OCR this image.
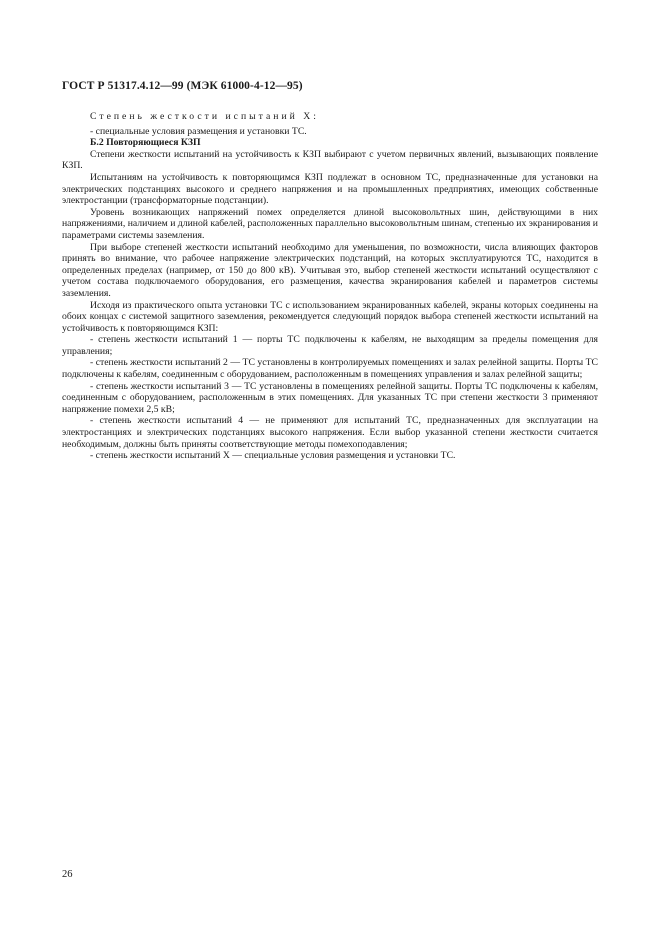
ГОСТ Р 51317.4.12—99 (МЭК 61000-4-12—95)

Степень жесткости испытаний X:

- специальные условия размещения и установки ТС.

Б.2 Повторяющиеся КЗП

Степени жесткости испытаний на устойчивость к КЗП выбирают с учетом первичных явлений, вызывающих появление КЗП.

Испытаниям на устойчивость к повторяющимся КЗП подлежат в основном ТС, предназначенные для установки на электрических подстанциях высокого и среднего напряжения и на промышленных предприятиях, имеющих собственные электростанции (трансформаторные подстанции).

Уровень возникающих напряжений помех определяется длиной высоковольтных шин, действующими в них напряжениями, наличием и длиной кабелей, расположенных параллельно высоковольтным шинам, степенью их экранирования и параметрами системы заземления.

При выборе степеней жесткости испытаний необходимо для уменьшения, по возможности, числа влияющих факторов принять во внимание, что рабочее напряжение электрических подстанций, на которых эксплуатируются ТС, находится в определенных пределах (например, от 150 до 800 кВ). Учитывая это, выбор степеней жесткости испытаний осуществляют с учетом состава подключаемого оборудования, его размещения, качества экранирования кабелей и параметров системы заземления.

Исходя из практического опыта установки ТС с использованием экранированных кабелей, экраны которых соединены на обоих концах с системой защитного заземления, рекомендуется следующий порядок выбора степеней жесткости испытаний на устойчивость к повторяющимся КЗП:

- степень жесткости испытаний 1 — порты ТС подключены к кабелям, не выходящим за пределы помещения для управления;

- степень жесткости испытаний 2 — ТС установлены в контролируемых помещениях и залах релейной защиты. Порты ТС подключены к кабелям, соединенным с оборудованием, расположенным в помещениях управления и залах релейной защиты;

- степень жесткости испытаний 3 — ТС установлены в помещениях релейной защиты. Порты ТС подключены к кабелям, соединенным с оборудованием, расположенным в этих помещениях. Для указанных ТС при степени жесткости 3 применяют напряжение помехи 2,5 кВ;

- степень жесткости испытаний 4 — не применяют для испытаний ТС, предназначенных для эксплуатации на электростанциях и электрических подстанциях высокого напряжения. Если выбор указанной степени жесткости считается необходимым, должны быть приняты соответствующие методы помехоподавления;

- степень жесткости испытаний X — специальные условия размещения и установки ТС.

26
